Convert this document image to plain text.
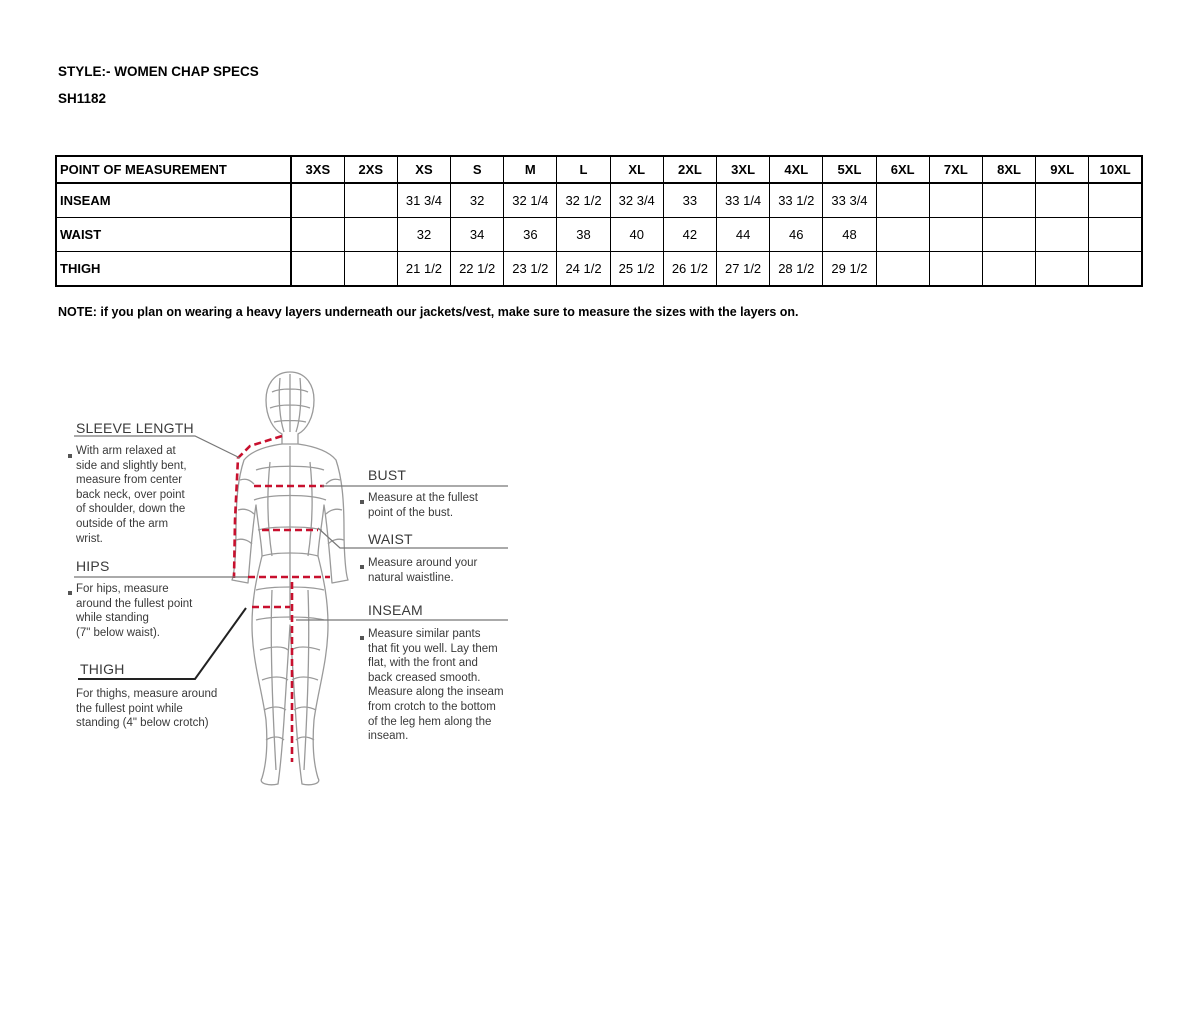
STYLE:- WOMEN CHAP SPECS
SH1182
POINT OF MEASUREMENT	3XS	2XS	XS	S	M	L	XL	2XL	3XL	4XL	5XL	6XL	7XL	8XL	9XL	10XL
INSEAM			31 3/4	32	32 1/4	32 1/2	32 3/4	33	33 1/4	33 1/2	33 3/4					
WAIST			32	34	36	38	40	42	44	46	48					
THIGH			21 1/2	22 1/2	23 1/2	24 1/2	25 1/2	26 1/2	27 1/2	28 1/2	29 1/2					
NOTE: if you plan on wearing a heavy layers underneath our jackets/vest, make sure to measure the sizes with the layers on.
SLEEVE LENGTH
With arm relaxed at
side and slightly bent,
measure from center
back neck, over point
of shoulder, down the
outside of the arm
wrist.
HIPS
For hips, measure
around the fullest point
while standing
(7" below waist).
THIGH
For thighs, measure around
the fullest point while
standing (4" below crotch)
BUST
Measure at the fullest
point of the bust.
WAIST
Measure around your
natural waistline.
INSEAM
Measure similar pants
that fit you well. Lay them
flat, with the front and
back creased smooth.
Measure along the inseam
from crotch to the bottom
of the leg hem along the
inseam.
